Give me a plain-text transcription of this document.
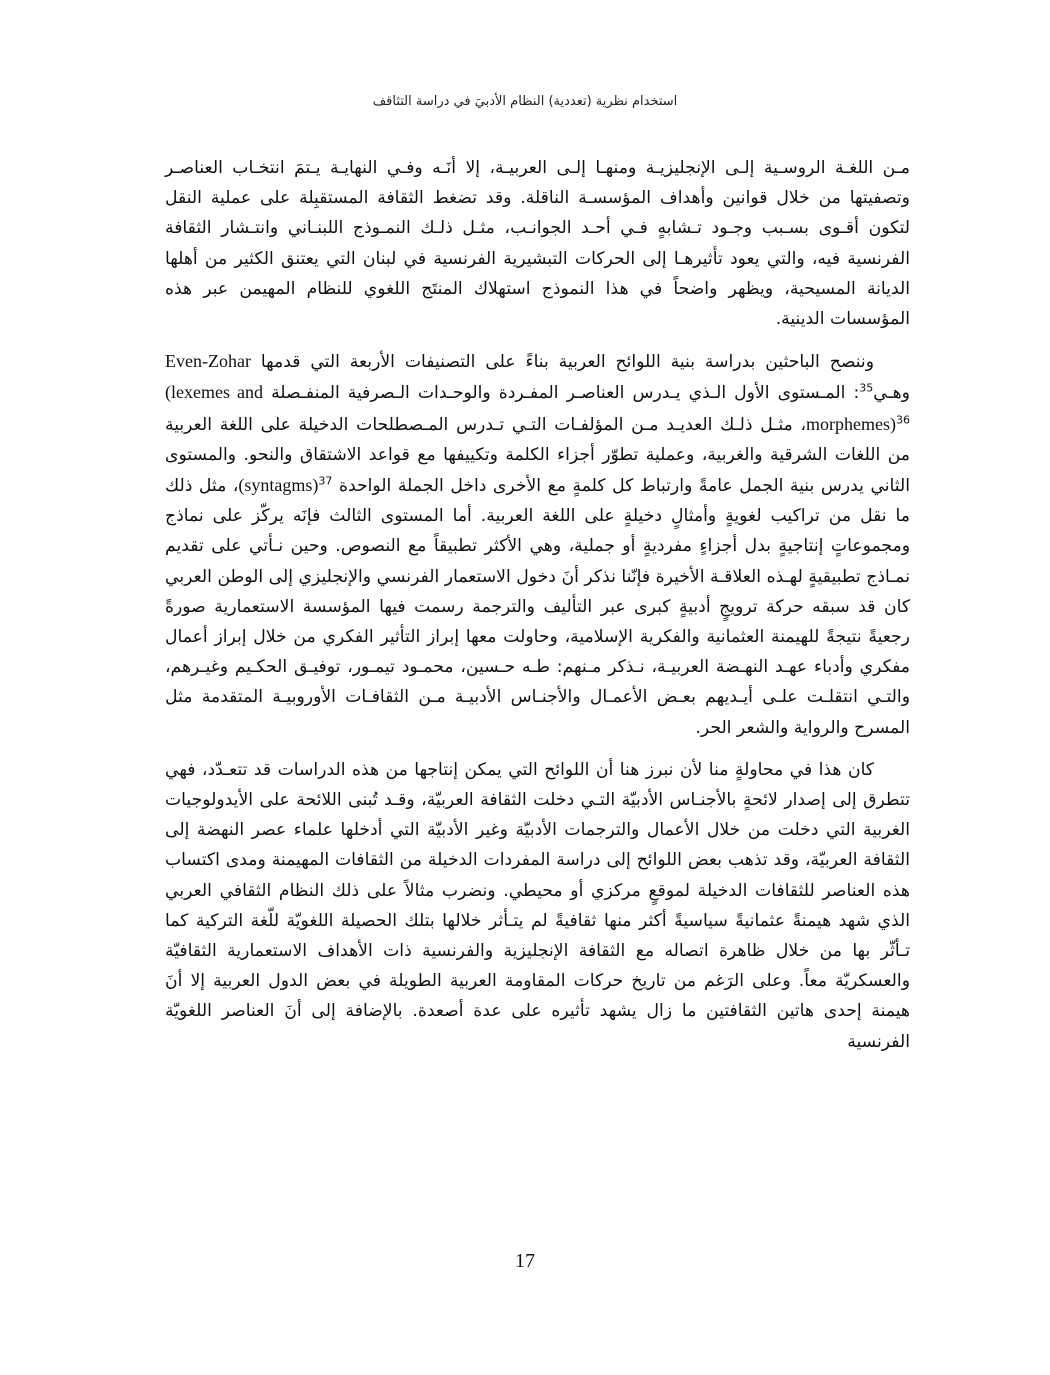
استخدام نظرية (تعددية) النظام الأدبيَ في دراسة التثاقف

مـن اللغـة الروسـية إلـى الإنجليزيـة ومنهـا إلـى العربيـة، إلا أنَـه وفـي النهايـة يـتمَ انتخـاب العناصـر وتصفيتها من خلال قوانين وأهداف المؤسسـة الناقلة. وقد تضغط الثقافة المستقبِلة على عملية النقل لتكون أقـوى بسـبب وجـود تـشابهٍ فـي أحـد الجوانـب، مثـل ذلـك النمـوذج اللبنـاني وانتـشار الثقافة الفرنسية فيه، والتي يعود تأثيرهـا إلى الحركات التبشيرية الفرنسية في لبنان التي يعتنق الكثير من أهلها الديانة المسيحية، ويظهر واضحاً في هذا النموذج استهلاك المنتَج اللغوي للنظام المهيمن عبر هذه المؤسسات الدينية.

وننصح الباحثين بدراسة بنية اللوائح العربية بناءً على التصنيفات الأربعة التي قدمها Even-Zohar وهـي$^{35}$: المـستوى الأول الـذي يـدرس العناصـر المفـردة والوحـدات الـصرفية المنفـصلة (lexemes and morphemes)$^{36}$، مثـل ذلـك العديـد مـن المؤلفـات التـي تـدرس المـصطلحات الدخيلة على اللغة العربية من اللغات الشرقية والغربية، وعملية تطوّر أجزاء الكلمة وتكييفها مع قواعد الاشتقاق والنحو. والمستوى الثاني يدرس بنية الجمل عامةً وارتباط كل كلمةٍ مع الأخرى داخل الجملة الواحدة (syntagms)$^{37}$، مثل ذلك ما نقل من تراكيب لغويةٍ وأمثالٍ دخيلةٍ على اللغة العربية. أما المستوى الثالث فإنَه يركّز على نماذج ومجموعاتٍ إنتاجيةٍ بدل أجزاءٍ مفرديةٍ أو جملية، وهي الأكثر تطبيقاً مع النصوص. وحين نـأتي على تقديم نمـاذج تطبيقيةٍ لهـذه العلاقـة الأخيرة فإنّنا نذكر أنَ دخول الاستعمار الفرنسي والإنجليزي إلى الوطن العربي كان قد سبقه حركة ترويجٍ أدبيةٍ كبرى عبر التأليف والترجمة رسمت فيها المؤسسة الاستعمارية صورةً رجعيةً نتيجةً للهيمنة العثمانية والفكرية الإسلامية، وحاولت معها إبراز التأثير الفكري من خلال إبراز أعمال مفكري وأدباء عهـد النهـضة العربيـة، نـذكر مـنهم: طـه حـسين، محمـود تيمـور، توفيـق الحكـيم وغيـرهم، والتـي انتقلـت علـى أيـديهم بعـض الأعمـال والأجنـاس الأدبيـة مـن الثقافـات الأوروبيـة المتقدمة مثل المسرح والرواية والشعر الحر.

كان هذا في محاولةٍ منا لأن نبرز هنا أن اللوائح التي يمكن إنتاجها من هذه الدراسات قد تتعـدّد، فهي تتطرق إلى إصدار لائحةٍ بالأجنـاس الأدبيّة التـي دخلت الثقافة العربيّة، وقـد تُبنى اللائحة على الأيدولوجيات الغربية التي دخلت من خلال الأعمال والترجمات الأدبيّة وغير الأدبيّة التي أدخلها علماء عصر النهضة إلى الثقافة العربيّة، وقد تذهب بعض اللوائح إلى دراسة المفردات الدخيلة من الثقافات المهيمنة ومدى اكتساب هذه العناصر للثقافات الدخيلة لموقعٍ مركزي أو محيطي. ونضرب مثالاً على ذلك النظام الثقافي العربي الذي شهد هيمنةً عثمانيةً سياسيةً أكثر منها ثقافيةً لم يتـأثر خلالها بتلك الحصيلة اللغويّة للّغة التركية كما تـأثّر بها من خلال ظاهرة اتصاله مع الثقافة الإنجليزية والفرنسية ذات الأهداف الاستعمارية الثقافيّة والعسكريّة معاً. وعلى الرَغم من تاريخ حركات المقاومة العربية الطويلة في بعض الدول العربية إلا أنَ هيمنة إحدى هاتين الثقافتين ما زال يشهد تأثيره على عدة أصعدة. بالإضافة إلى أنَ العناصر اللغويّة الفرنسية

17
